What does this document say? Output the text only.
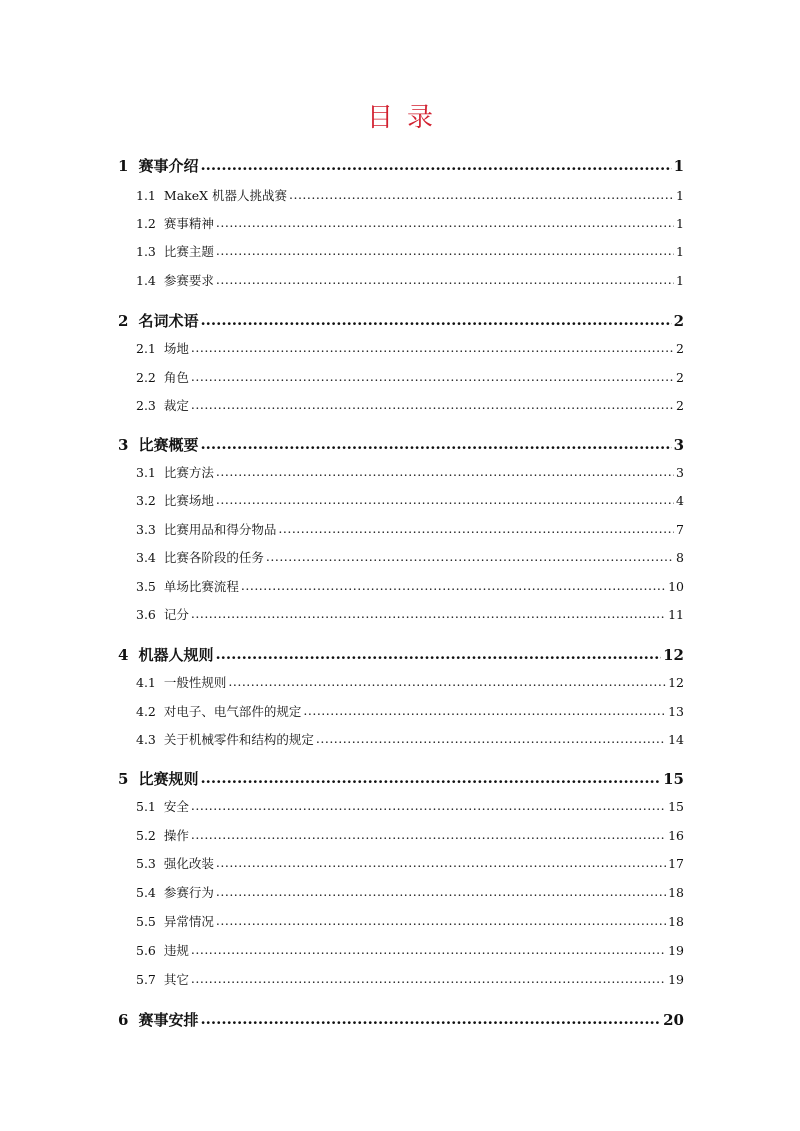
目录
1 赛事介绍 .....	1
1.1 MakeX 机器人挑战赛 .....	1
1.2 赛事精神 .....	1
1.3 比赛主题 .....	1
1.4 参赛要求 .....	1
2 名词术语 .....	2
2.1 场地 .....	2
2.2 角色 .....	2
2.3 裁定 .....	2
3 比赛概要 .....	3
3.1 比赛方法 .....	3
3.2 比赛场地 .....	4
3.3 比赛用品和得分物品 .....	7
3.4 比赛各阶段的任务 .....	8
3.5 单场比赛流程 .....	10
3.6 记分 .....	11
4 机器人规则 .....	12
4.1 一般性规则 .....	12
4.2 对电子、电气部件的规定 .....	13
4.3 关于机械零件和结构的规定 .....	14
5 比赛规则 .....	15
5.1 安全 .....	15
5.2 操作 .....	16
5.3 强化改装 .....	17
5.4 参赛行为 .....	18
5.5 异常情况 .....	18
5.6 违规 .....	19
5.7 其它 .....	19
6 赛事安排 .....	20
